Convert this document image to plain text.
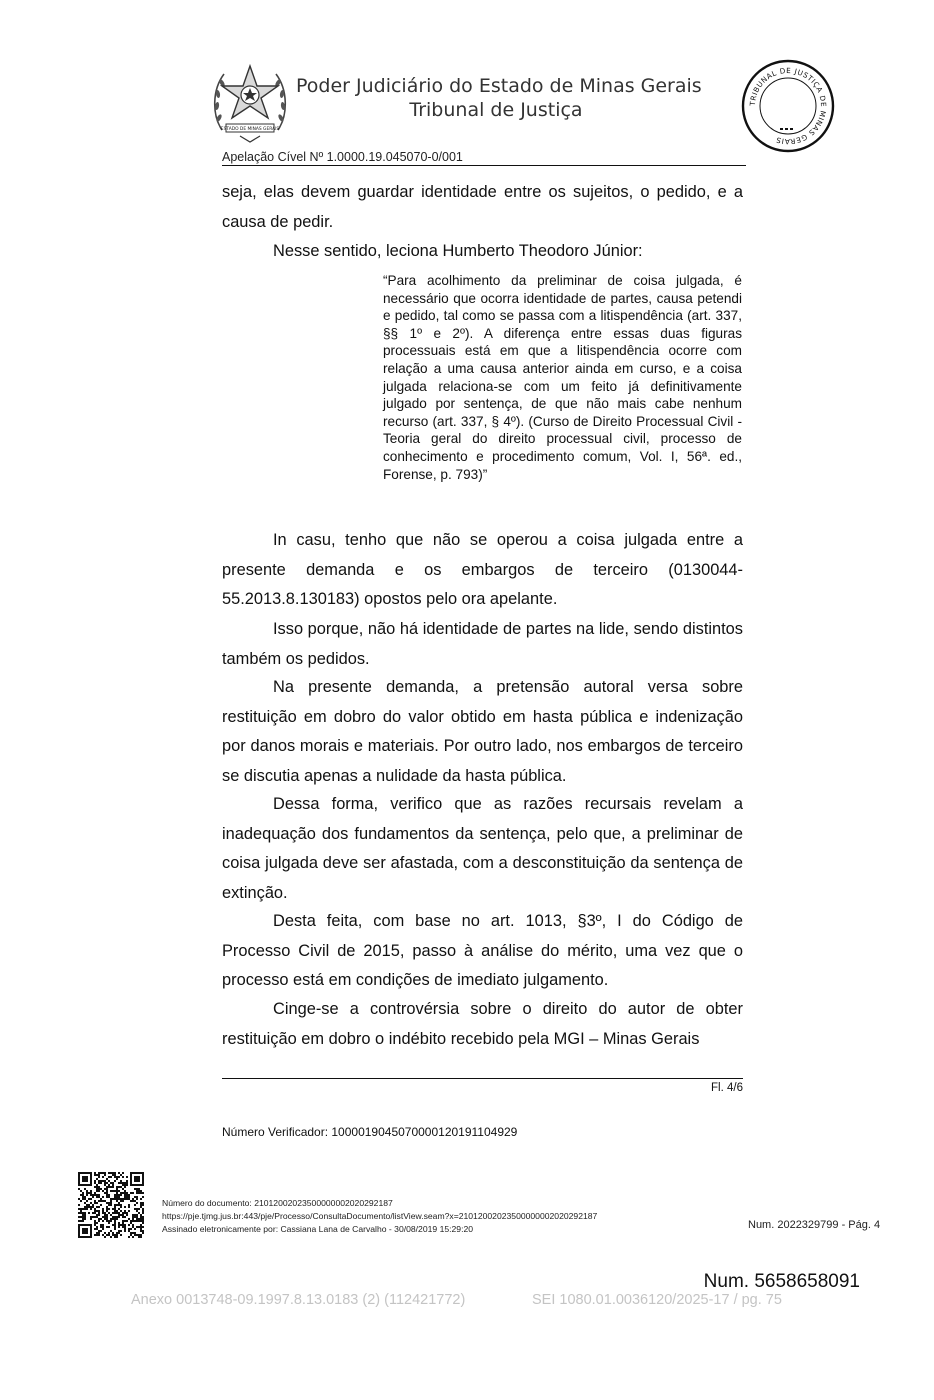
ESTADO DE MINAS GERAIS
Poder Judiciário do Estado de Minas Gerais
Tribunal de Justiça	TRIBUNAL DE JUSTIÇA DE MINAS GERAIS
Apelação Cível Nº 1.0000.19.045070-0/001

seja, elas devem guardar identidade entre os sujeitos, o pedido, e a causa de pedir.

Nesse sentido, leciona Humberto Theodoro Júnior:

“Para acolhimento da preliminar de coisa julgada, é necessário que ocorra identidade de partes, causa petendi e pedido, tal como se passa com a litispendência (art. 337, §§ 1º e 2º). A diferença entre essas duas figuras processuais está em que a litispendência ocorre com relação a uma causa anterior ainda em curso, e a coisa julgada relaciona-se com um feito já definitivamente julgado por sentença, de que não mais cabe nenhum recurso (art. 337, § 4º). (Curso de Direito Processual Civil - Teoria geral do direito processual civil, processo de conhecimento e procedimento comum, Vol. I, 56ª. ed., Forense, p. 793)”

In casu, tenho que não se operou a coisa julgada entre a presente demanda e os embargos de terceiro (0130044-55.2013.8.130183) opostos pelo ora apelante.

Isso porque, não há identidade de partes na lide, sendo distintos também os pedidos.

Na presente demanda, a pretensão autoral versa sobre restituição em dobro do valor obtido em hasta pública e indenização por danos morais e materiais. Por outro lado, nos embargos de terceiro se discutia apenas a nulidade da hasta pública.

Dessa forma, verifico que as razões recursais revelam a inadequação dos fundamentos da sentença, pelo que, a preliminar de coisa julgada deve ser afastada, com a desconstituição da sentença de extinção.

Desta feita, com base no art. 1013, §3º, I do Código de Processo Civil de 2015, passo à análise do mérito, uma vez que o processo está em condições de imediato julgamento.

Cinge-se a controvérsia sobre o direito do autor de obter restituição em dobro o indébito recebido pela MGI – Minas Gerais

Fl. 4/6
Número Verificador: 1000019045070000120191104929
Número do documento: 21012002023500000002020292187
https://pje.tjmg.jus.br:443/pje/Processo/ConsultaDocumento/listView.seam?x=21012002023500000002020292187
Assinado eletronicamente por: Cassiana Lana de Carvalho - 30/08/2019 15:29:20	Num. 2022329799 - Pág. 4
Num. 5658658091
Anexo 0013748-09.1997.8.13.0183 (2) (112421772)	SEI 1080.01.0036120/2025-17 / pg. 75
